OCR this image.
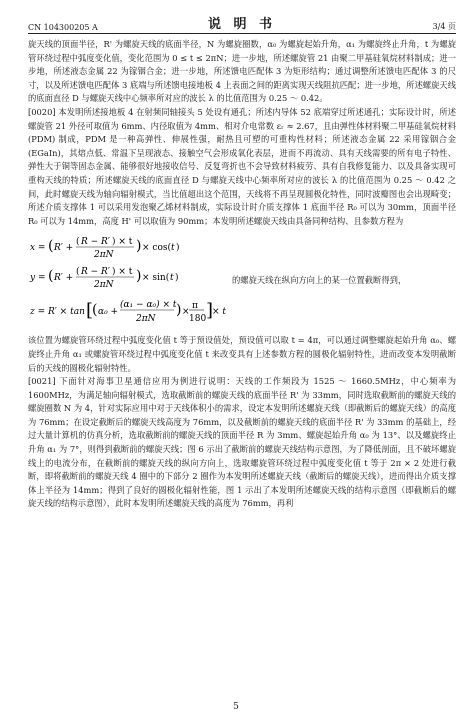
CN 104300205 A	说 明 书	3/4 页

旋天线的顶面半径，R' 为螺旋天线的底面半径，N 为螺旋圈数，α₀ 为螺旋起始升角，α₁ 为螺旋终止升角，t 为螺旋管环绕过程中弧度变化值，变化范围为 0 ≤ t ≤ 2πN；进一步地，所述螺旋管 21 由聚二甲基硅氧烷材料制成；进一步地，所述液态金属 22 为镓铟合金；进一步地，所述馈电匹配体 3 为矩形结构；通过调整所述馈电匹配体 3 的尺寸，以及所述馈电匹配体 3 底端与所述馈电接地板 4 上表面之间的距离实现天线阻抗匹配；进一步地，所述螺旋天线的底面直径 D 与螺旋天线中心频率所对应的波长 λ 的比值范围为 0.25 ～ 0.42。

[0020] 本发明所述接地板 4 在射频同轴接头 5 处设有通孔；所述内导体 52 底端穿过所述通孔；实际设计时，所述螺旋管 21 外径可取值为 6mm、内径取值为 4mm、相对介电常数 εᵣ ≈ 2.67，且由弹性体材料聚二甲基硅氧烷材料 (PDM) 制成，PDM 是一种高弹性、伸展性强，耐热且可塑的可重构性材料；所述液态金属 22 采用镓铟合金 (EGaIn)，其熔点低、常温下呈现液态、接触空气会形成氧化表层，进而不再流动、具有天线需要的所有电子特性、弹性大于铜等固态金属、能够很好地接收信号、反复弯折也不会导致材料疲劳、具有自我修复能力、以及具备实现可重构天线的特质；所述螺旋天线的底面直径 D 与螺旋天线中心频率所对应的波长 λ 的比值范围为 0.25 ～ 0.42 之间，此时螺旋天线为轴向辐射模式，当比值超出这个范围，天线将不再呈现圆极化特性，同时波瓣图也会出现畸变；所述介质支撑体 1 可以采用发泡聚乙烯材料制成，实际设计时介质支撑体 1 底面半径 R₀ 可以为 30mm，顶面半径 R₀ 可以为 14mm，高度 H' 可以取值为 90mm；本发明所述螺旋天线由具备同种结构、且参数方程为

x = ( R′ +
( R − R′ ) × t
2πN
) × cos( t )
y = ( R′ +
( R − R′ ) × t
2πN
) × sin( t )
z = R′ × tan [
( α₀ +
(α₁ − α₀) × t
2πN
) ×
π
180 ]
× t
的螺旋天线在纵向方向上的某一位置截断得到，

该位置为螺旋管环绕过程中弧度变化值 t 等于预设值处，预设值可以取 t = 4π，可以通过调整螺旋起始升角 α₀、螺旋终止升角 α₁ 或螺旋管环绕过程中弧度变化值 t 来改变具有上述参数方程的圆极化辐射特性，进而改变本发明截断后的天线的圆极化辐射特性。

[0021] 下面针对海事卫星通信应用为例进行说明：天线的工作频段为 1525 ～ 1660.5MHz，中心频率为 1600MHz，为满足轴向辐射模式，选取截断前的螺旋天线的底面半径 R' 为 33mm，同时选取截断前的螺旋天线的螺旋圈数 N 为 4，针对实际应用中对于天线体积小的需求，设定本发明所述螺旋天线（即截断后的螺旋天线）的高度为 76mm；在设定截断后的螺旋天线高度为 76mm，以及截断前的螺旋天线的底面半径 R' 为 33mm 的基础上，经过大量计算机的仿真分析，选取截断前的螺旋天线的顶面半径 R 为 3mm、螺旋起始升角 α₀ 为 13°、以及螺旋终止升角 α₁ 为 7°，则得到截断前的螺旋天线；图 6 示出了截断前的螺旋天线结构示意图，为了降低剖面，且不破坏螺旋线上的电流分布，在截断前的螺旋天线的纵向方向上，选取螺旋管环绕过程中弧度变化值 t 等于 2π × 2 处进行截断，即将截断前的螺旋天线 4 圈中的下部分 2 圈作为本发明所述螺旋天线（截断后的螺旋天线），进而得出介质支撑体上半径为 14mm；得到了良好的圆极化辐射性能，图 1 示出了本发明所述螺旋天线的结构示意图（即截断后的螺旋天线的结构示意图），此时本发明所述螺旋天线的高度为 76mm，再利

5
